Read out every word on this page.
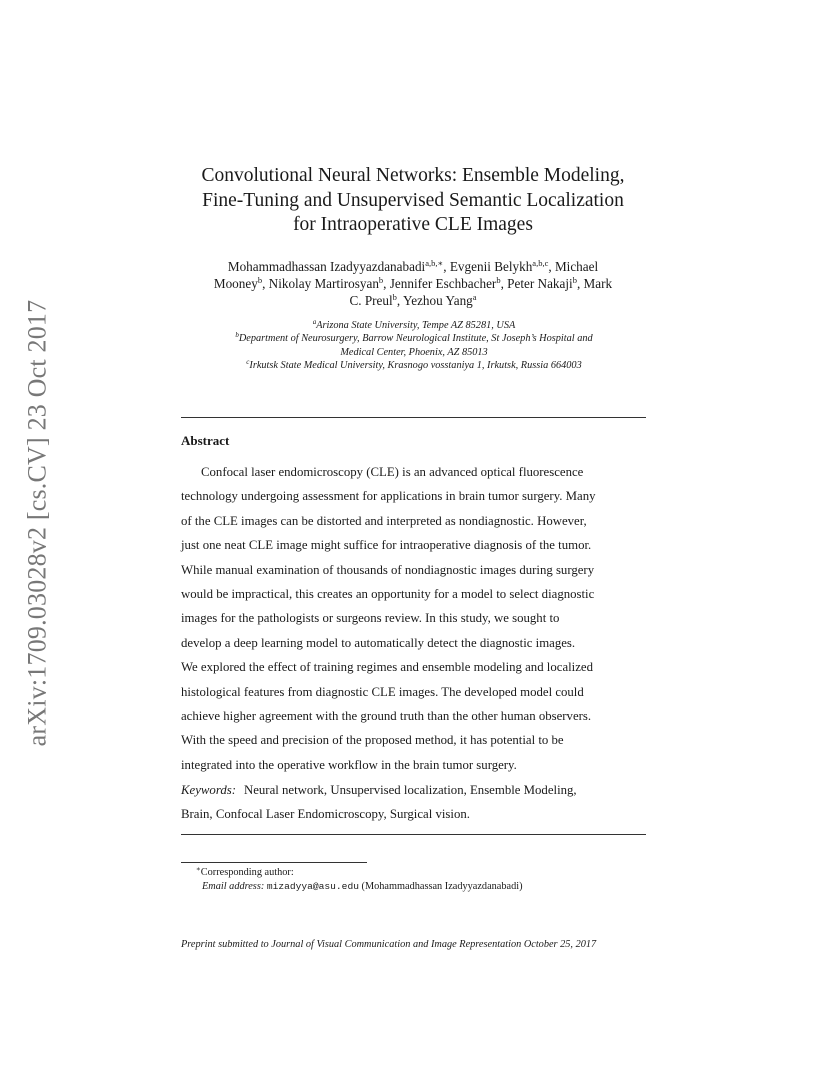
arXiv:1709.03028v2 [cs.CV] 23 Oct 2017
Convolutional Neural Networks: Ensemble Modeling,
Fine-Tuning and Unsupervised Semantic Localization
for Intraoperative CLE Images
Mohammadhassan Izadyyazdanabadi$^{a,b,∗}$, Evgenii Belykh$^{a,b,c}$, Michael
Mooney$^b$, Nikolay Martirosyan$^b$, Jennifer Eschbacher$^b$, Peter Nakaji$^b$, Mark
C. Preul$^b$, Yezhou Yang$^a$
$^a$Arizona State University, Tempe AZ 85281, USA
$^b$Department of Neurosurgery, Barrow Neurological Institute, St Joseph’s Hospital and
Medical Center, Phoenix, AZ 85013
$^c$Irkutsk State Medical University, Krasnogo vosstaniya 1, Irkutsk, Russia 664003
Abstract
Confocal laser endomicroscopy (CLE) is an advanced optical fluorescence
technology undergoing assessment for applications in brain tumor surgery. Many
of the CLE images can be distorted and interpreted as nondiagnostic. However,
just one neat CLE image might suffice for intraoperative diagnosis of the tumor.
While manual examination of thousands of nondiagnostic images during surgery
would be impractical, this creates an opportunity for a model to select diagnostic
images for the pathologists or surgeons review. In this study, we sought to
develop a deep learning model to automatically detect the diagnostic images.
We explored the effect of training regimes and ensemble modeling and localized
histological features from diagnostic CLE images. The developed model could
achieve higher agreement with the ground truth than the other human observers.
With the speed and precision of the proposed method, it has potential to be
integrated into the operative workflow in the brain tumor surgery.
Keywords: Neural network, Unsupervised localization, Ensemble Modeling,
Brain, Confocal Laser Endomicroscopy, Surgical vision.
∗Corresponding author:
Email address: mizadyya@asu.edu (Mohammadhassan Izadyyazdanabadi)
Preprint submitted to Journal of Visual Communication and Image Representation October 25, 2017
